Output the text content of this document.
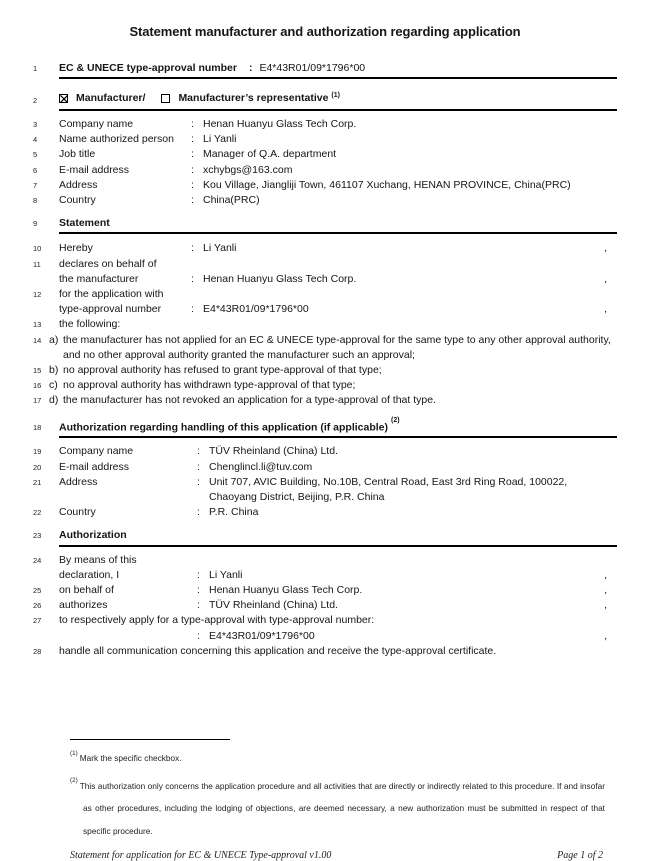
Statement manufacturer and authorization regarding application
1	EC & UNECE type-approval number : E4*43R01/09*1796*00
2	Manufacturer/	Manufacturer’s representative $^{(1)}$
3	Company name	: Henan Huanyu Glass Tech Corp.
4	Name authorized person	: Li Yanli
5	Job title	: Manager of Q.A. department
6	E-mail address	: xchybgs@163.com
7	Address	: Kou Village, Jiangliji Town, 461107 Xuchang, HENAN PROVINCE, China(PRC)
8	Country	: China(PRC)
9	Statement
10	Hereby	: Li Yanli	,
11	declares on behalf of
the manufacturer	: Henan Huanyu Glass Tech Corp.	,
12	for the application with
type-approval number	: E4*43R01/09*1796*00	,
13	the following:
14 a) the manufacturer has not applied for an EC & UNECE type-approval for the same type to any other approval authority, and no other approval authority granted the manufacturer such an approval;
15 b) no approval authority has refused to grant type-approval of that type;
16 c) no approval authority has withdrawn type-approval of that type;
17 d) the manufacturer has not revoked an application for a type-approval of that type.
18	Authorization regarding handling of this application (if applicable)$^{(2)}$
19	Company name	: TÜV Rheinland (China) Ltd.
20	E-mail address	: Chenglincl.li@tuv.com
21	Address	: Unit 707, AVIC Building, No.10B, Central Road, East 3rd Ring Road, 100022,
Chaoyang District, Beijing, P.R. China
22	Country	: P.R. China
23	Authorization
24	By means of this
declaration, I	: Li Yanli	,
25	on behalf of	: Henan Huanyu Glass Tech Corp.	,
26	authorizes	: TÜV Rheinland (China) Ltd.	,
27	to respectively apply for a type-approval with type-approval number:
: E4*43R01/09*1796*00	,
28	handle all communication concerning this application and receive the type-approval certificate.
$^{(1)}$ Mark the specific checkbox.
$^{(2)}$ This authorization only concerns the application procedure and all activities that are directly or indirectly related to this procedure. If and insofar as other procedures, including the lodging of objections, are deemed necessary, a new authorization must be submitted in respect of that specific procedure.
Statement for application for EC & UNECE Type-approval v1.00	Page 1 of 2
